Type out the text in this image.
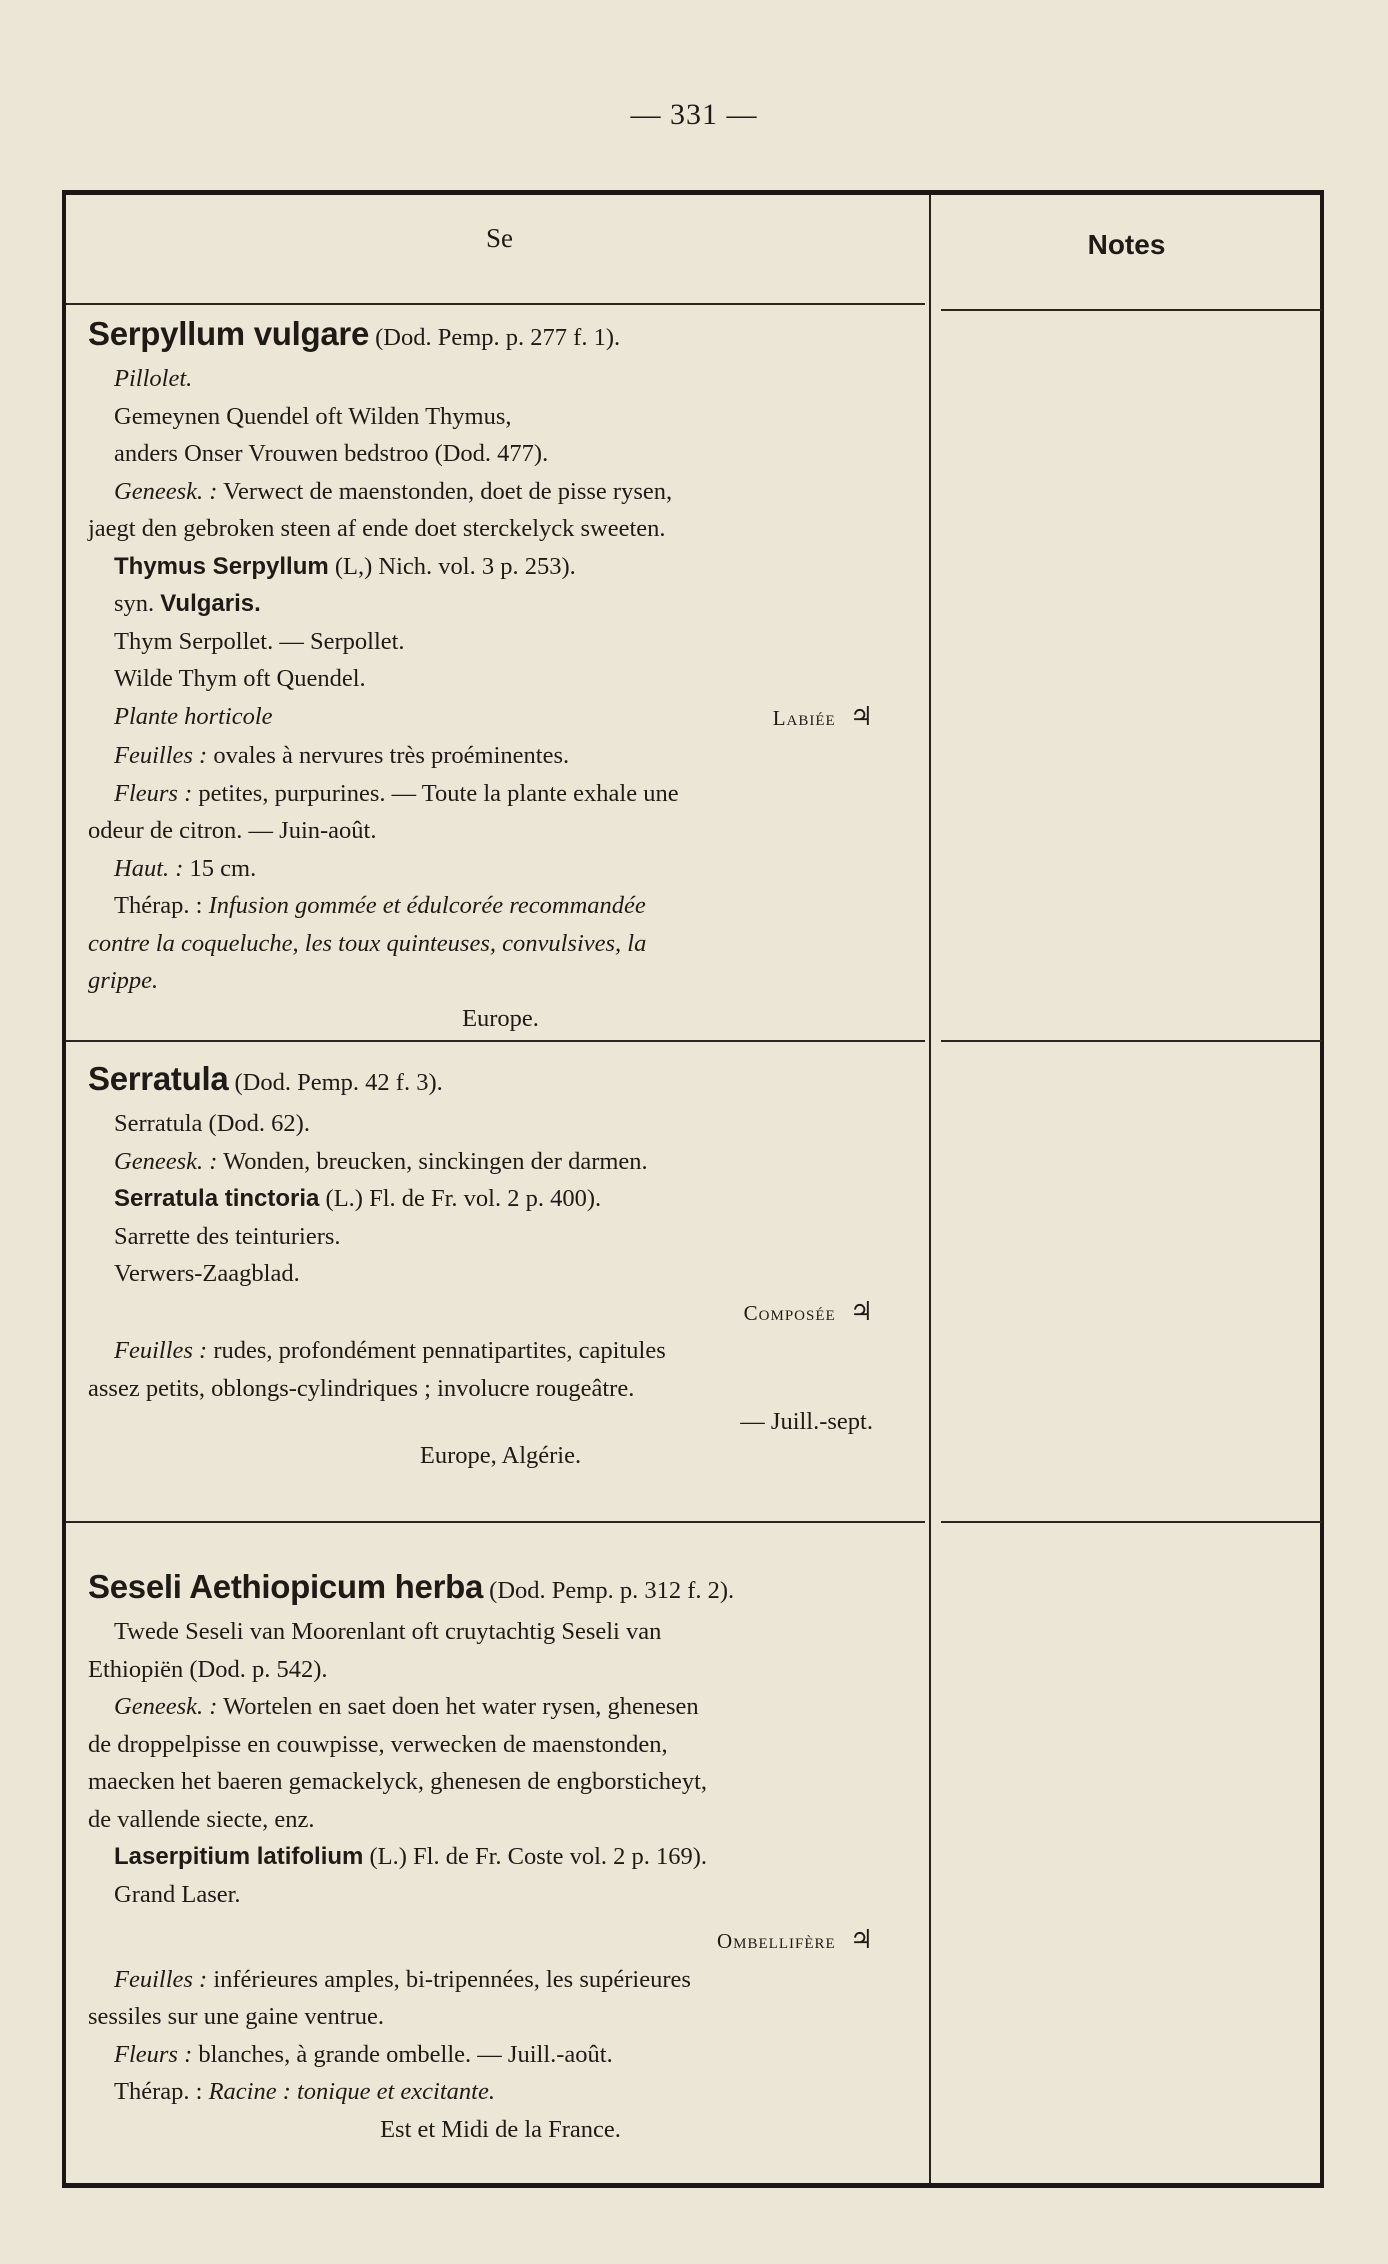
— 331 —
Se	Notes
Serpyllum vulgare (Dod. Pemp. p. 277 f. 1).
Pillolet.
Gemeynen Quendel oft Wilden Thymus,
anders Onser Vrouwen bedstroo (Dod. 477).
Geneesk. : Verwect de maenstonden, doet de pisse rysen,
jaegt den gebroken steen af ende doet sterckelyck sweeten.
Thymus Serpyllum (L,) Nich. vol. 3 p. 253).
syn. Vulgaris.
Thym Serpollet. — Serpollet.
Wilde Thym oft Quendel.
Plante horticole	Labiée ♃
Feuilles : ovales à nervures très proéminentes.
Fleurs : petites, purpurines. — Toute la plante exhale une
odeur de citron. — Juin-août.
Haut. : 15 cm.
Thérap. : Infusion gommée et édulcorée recommandée
contre la coqueluche, les toux quinteuses, convulsives, la
grippe.
Europe.
Serratula (Dod. Pemp. 42 f. 3).
Serratula (Dod. 62).
Geneesk. : Wonden, breucken, sinckingen der darmen.
Serratula tinctoria (L.) Fl. de Fr. vol. 2 p. 400).
Sarrette des teinturiers.
Verwers-Zaagblad.
Composée ♃
Feuilles : rudes, profondément pennatipartites, capitules
assez petits, oblongs-cylindriques ; involucre rougeâtre.
— Juill.-sept.
Europe, Algérie.
Seseli Aethiopicum herba (Dod. Pemp. p. 312 f. 2).
Twede Seseli van Moorenlant oft cruytachtig Seseli van
Ethiopiën (Dod. p. 542).
Geneesk. : Wortelen en saet doen het water rysen, ghenesen
de droppelpisse en couwpisse, verwecken de maenstonden,
maecken het baeren gemackelyck, ghenesen de engborsticheyt,
de vallende siecte, enz.
Laserpitium latifolium (L.) Fl. de Fr. Coste vol. 2 p. 169).
Grand Laser.
Ombellifère ♃
Feuilles : inférieures amples, bi-tripennées, les supérieures
sessiles sur une gaine ventrue.
Fleurs : blanches, à grande ombelle. — Juill.-août.
Thérap. : Racine : tonique et excitante.
Est et Midi de la France.
